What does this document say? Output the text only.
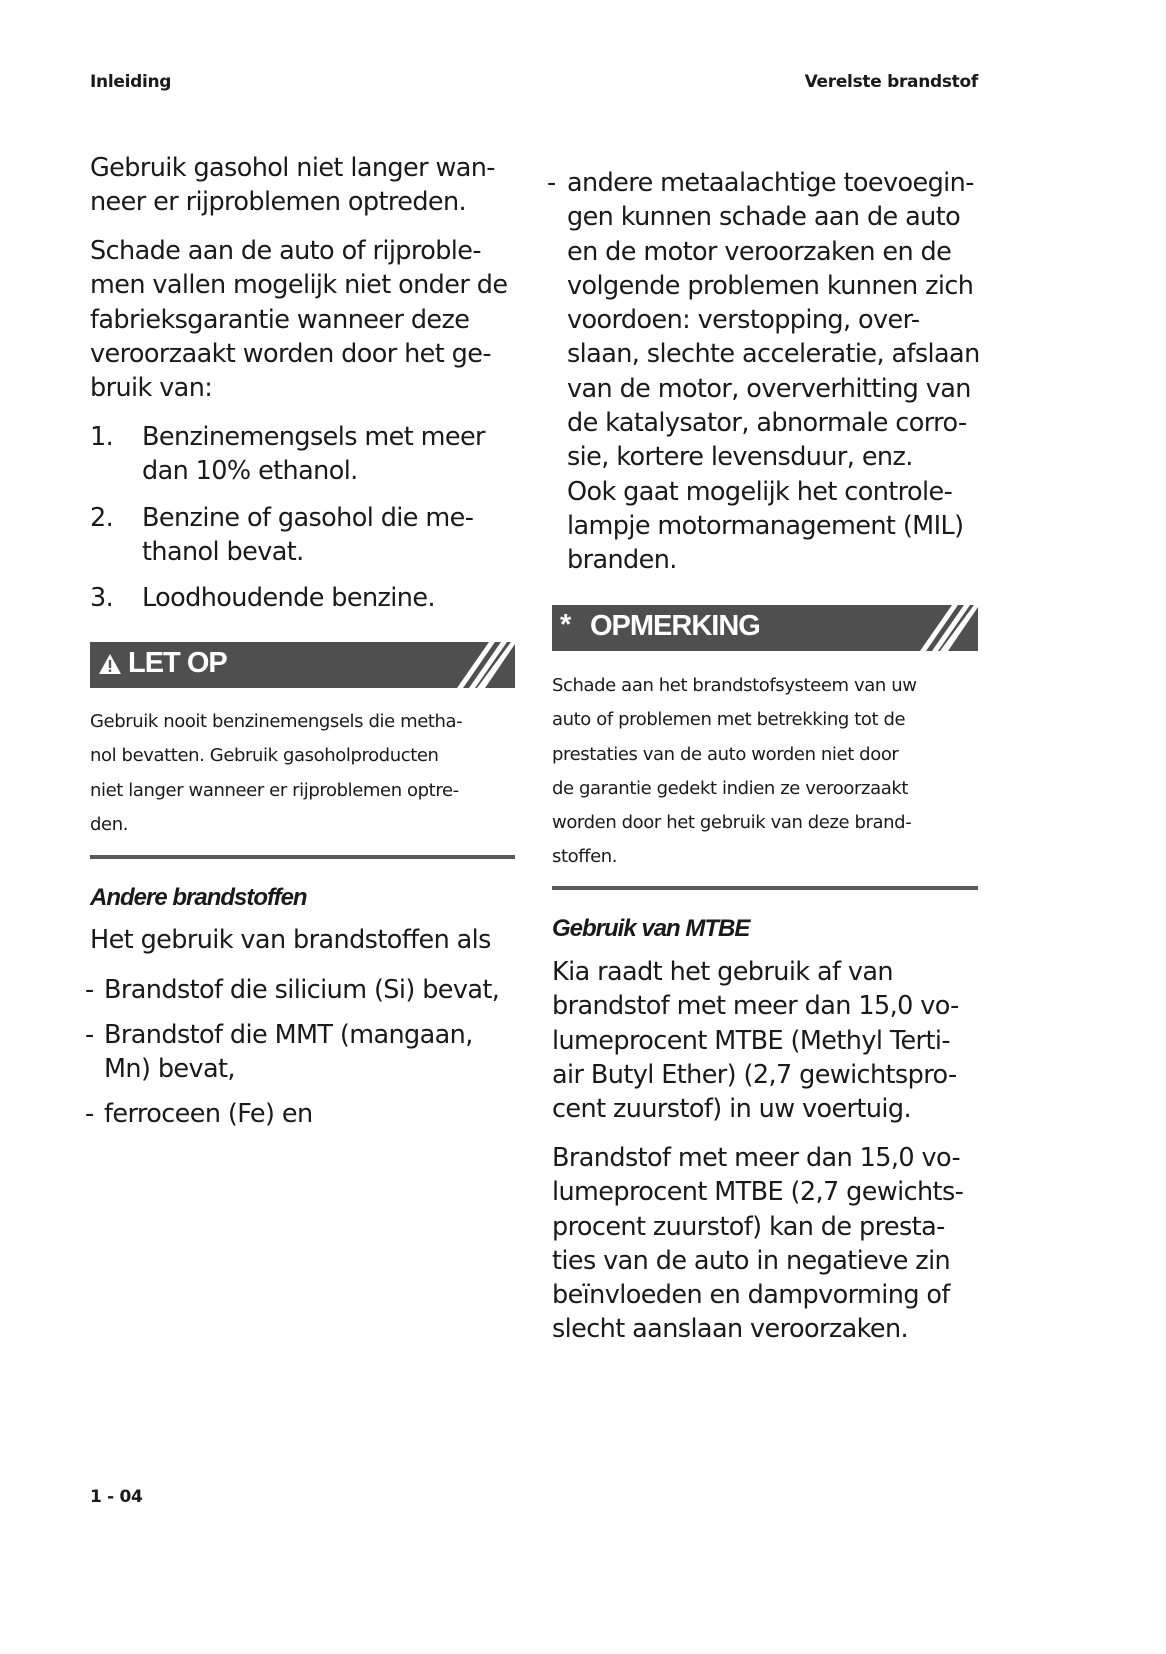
Inleiding	Verelste brandstof
Gebruik gasohol niet langer wan-
neer er rijproblemen optreden.
Schade aan de auto of rijproble-
men vallen mogelijk niet onder de
fabrieksgarantie wanneer deze
veroorzaakt worden door het ge-
bruik van:
1. Benzinemengsels met meer
dan 10% ethanol.
2. Benzine of gasohol die me-
thanol bevat.
3. Loodhoudende benzine.
LET OP
Gebruik nooit benzinemengsels die metha-
nol bevatten. Gebruik gasoholproducten
niet langer wanneer er rijproblemen optre-
den.
Andere brandstoffen
Het gebruik van brandstoffen als
- Brandstof die silicium (Si) bevat,
- Brandstof die MMT (mangaan,
Mn) bevat,
- ferroceen (Fe) en
- andere metaalachtige toevoegin-
gen kunnen schade aan de auto
en de motor veroorzaken en de
volgende problemen kunnen zich
voordoen: verstopping, over-
slaan, slechte acceleratie, afslaan
van de motor, oververhitting van
de katalysator, abnormale corro-
sie, kortere levensduur, enz.
Ook gaat mogelijk het controle-
lampje motormanagement (MIL)
branden.
* OPMERKING
Schade aan het brandstofsysteem van uw
auto of problemen met betrekking tot de
prestaties van de auto worden niet door
de garantie gedekt indien ze veroorzaakt
worden door het gebruik van deze brand-
stoffen.
Gebruik van MTBE
Kia raadt het gebruik af van
brandstof met meer dan 15,0 vo-
lumeprocent MTBE (Methyl Terti-
air Butyl Ether) (2,7 gewichtspro-
cent zuurstof) in uw voertuig.
Brandstof met meer dan 15,0 vo-
lumeprocent MTBE (2,7 gewichts-
procent zuurstof) kan de presta-
ties van de auto in negatieve zin
beïnvloeden en dampvorming of
slecht aanslaan veroorzaken.
1 - 04
